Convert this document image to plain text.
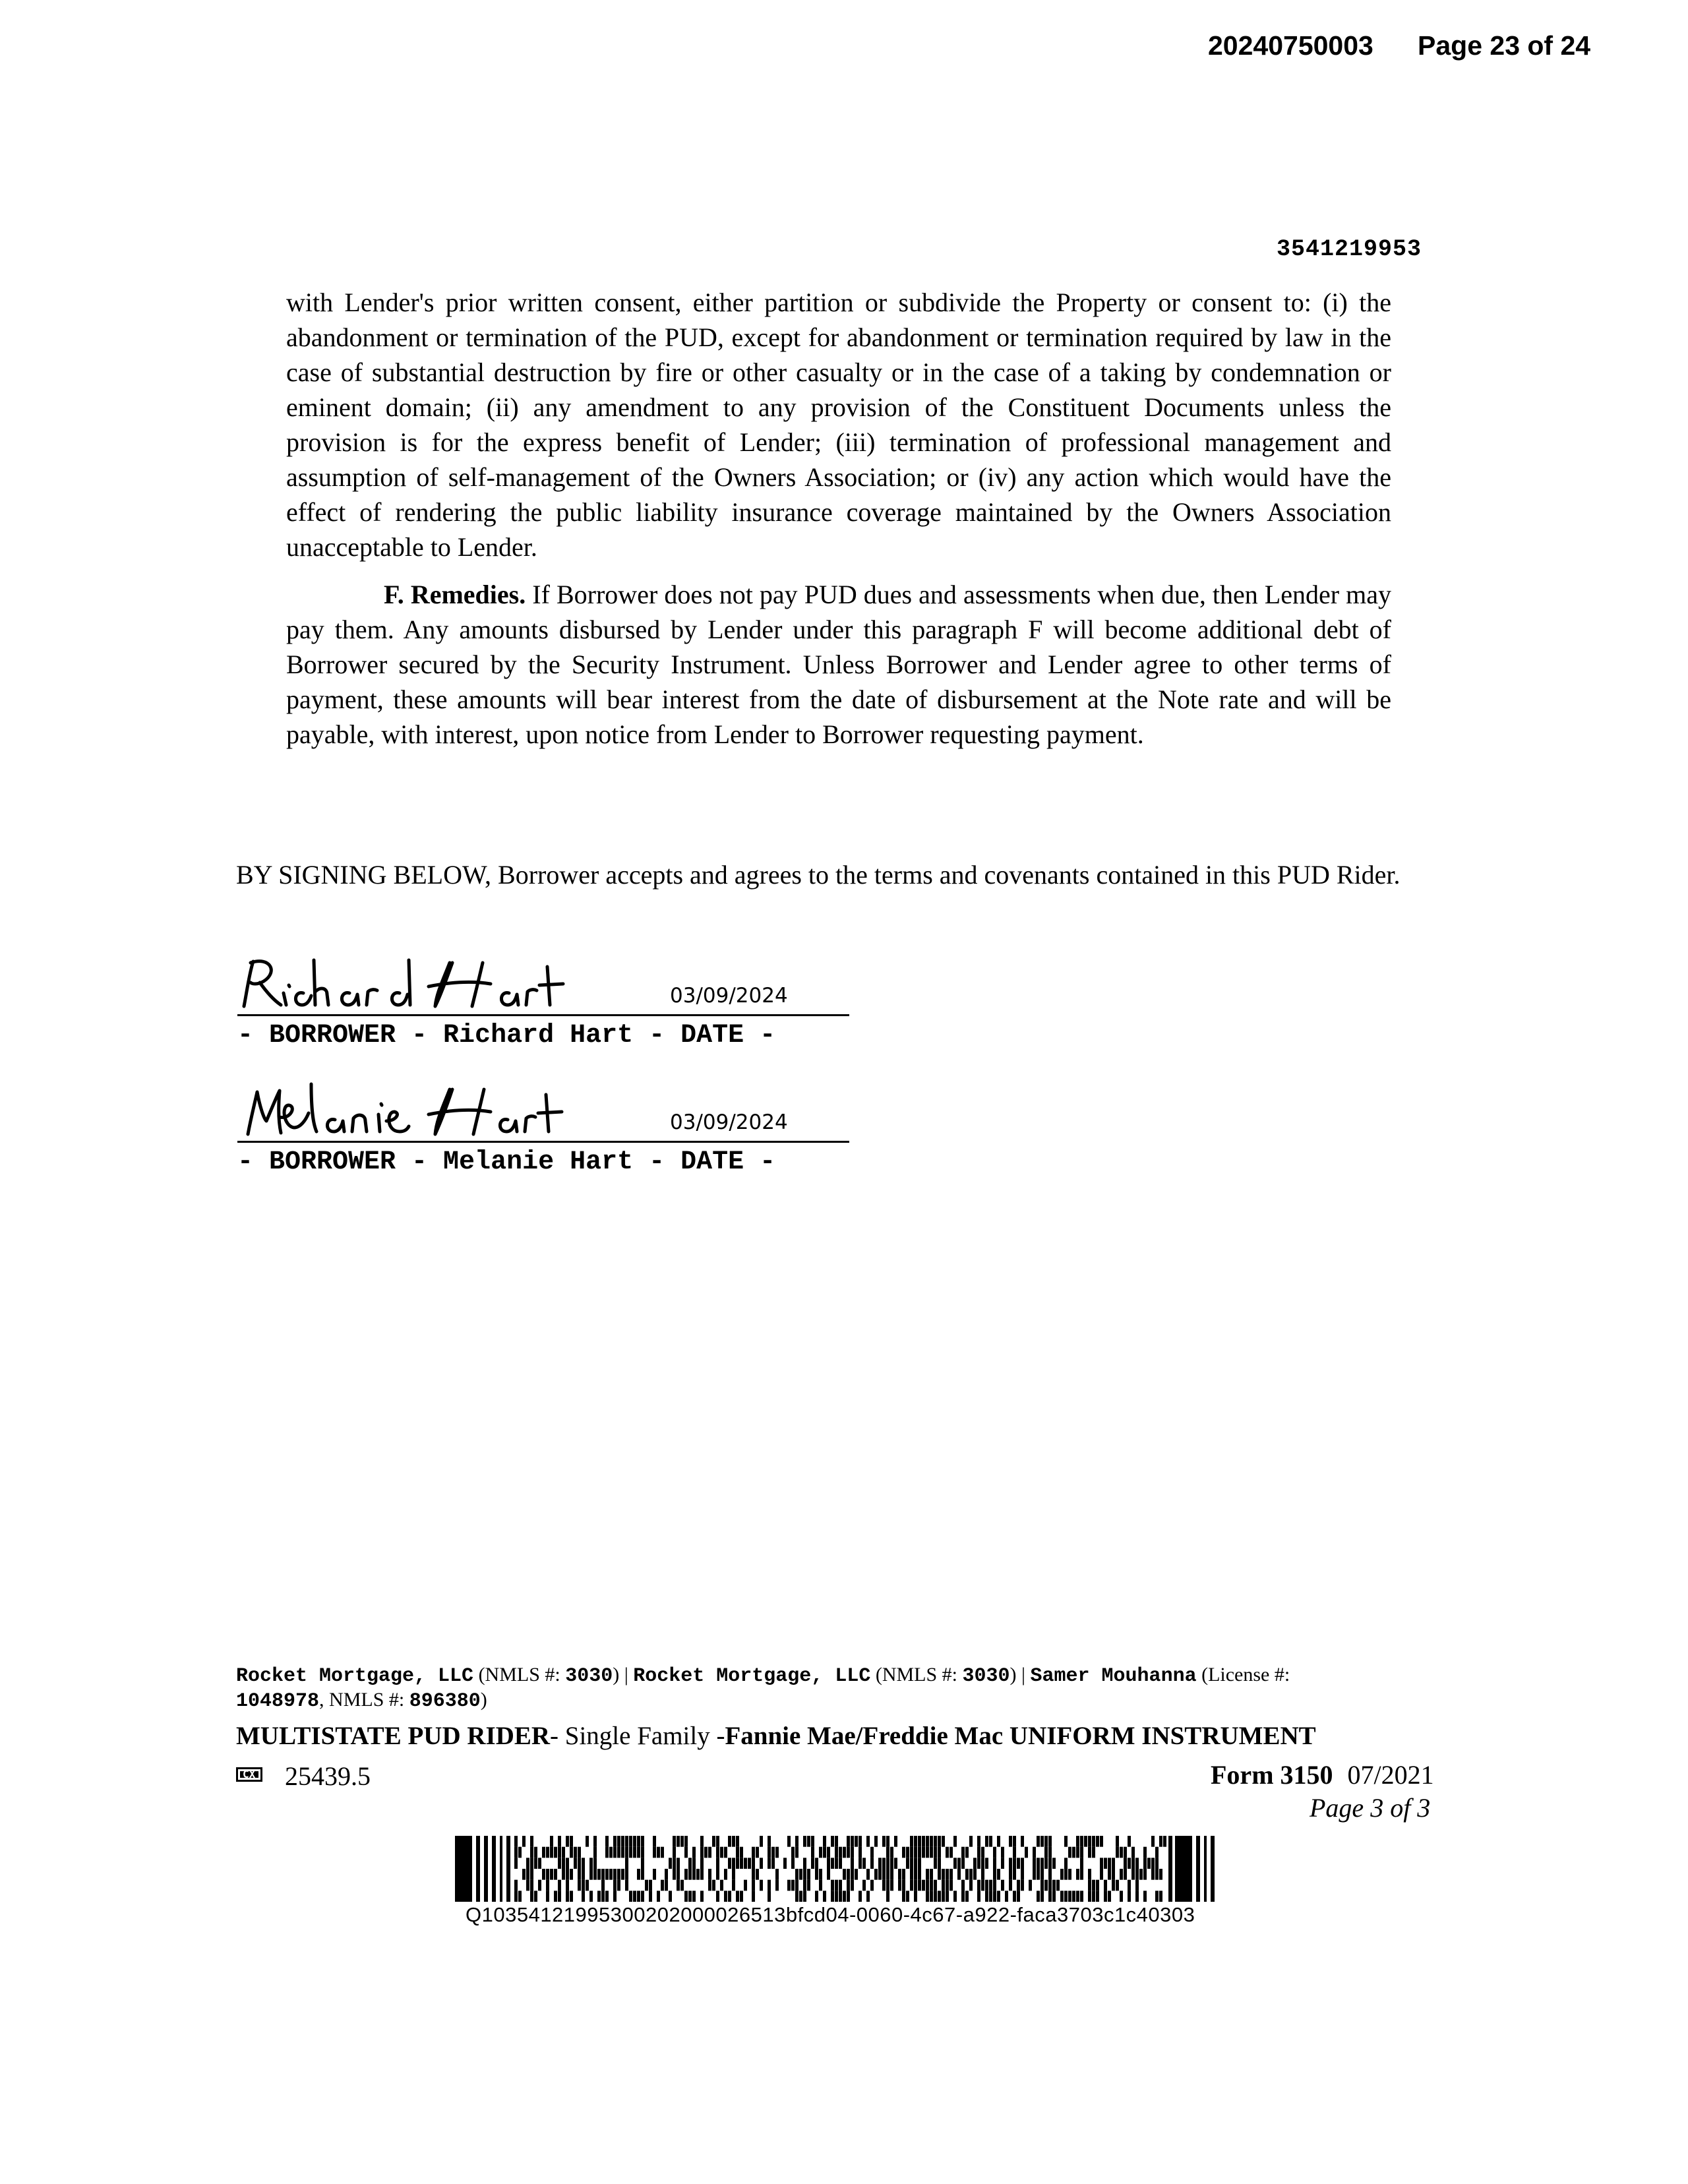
20240750003 Page 23 of 24
3541219953

with Lender's prior written consent, either partition or subdivide the Property or consent to: (i) the abandonment or termination of the PUD, except for abandonment or termination required by law in the case of substantial destruction by fire or other casualty or in the case of a taking by condemnation or eminent domain; (ii) any amendment to any provision of the Constituent Documents unless the provision is for the express benefit of Lender; (iii) termination of professional management and assumption of self-management of the Owners Association; or (iv) any action which would have the effect of rendering the public liability insurance coverage maintained by the Owners Association unacceptable to Lender.

F. Remedies. If Borrower does not pay PUD dues and assessments when due, then Lender may pay them. Any amounts disbursed by Lender under this paragraph F will become additional debt of Borrower secured by the Security Instrument. Unless Borrower and Lender agree to other terms of payment, these amounts will bear interest from the date of disbursement at the Note rate and will be payable, with interest, upon notice from Lender to Borrower requesting payment.

BY SIGNING BELOW, Borrower accepts and agrees to the terms and covenants contained in this PUD Rider.
03/09/2024
- BORROWER - Richard Hart - DATE -
03/09/2024
- BORROWER - Melanie Hart - DATE -
Rocket Mortgage, LLC (NMLS #: 3030) | Rocket Mortgage, LLC (NMLS #: 3030) | Samer Mouhanna (License #:
1048978, NMLS #: 896380)
MULTISTATE PUD RIDER- Single Family -Fannie Mae/Freddie Mac UNIFORM INSTRUMENT
CX 25439.5	Form 3150 07/2021
Page 3 of 3
Q10354121995300202000026513bfcd04-0060-4c67-a922-faca3703c1c40303
